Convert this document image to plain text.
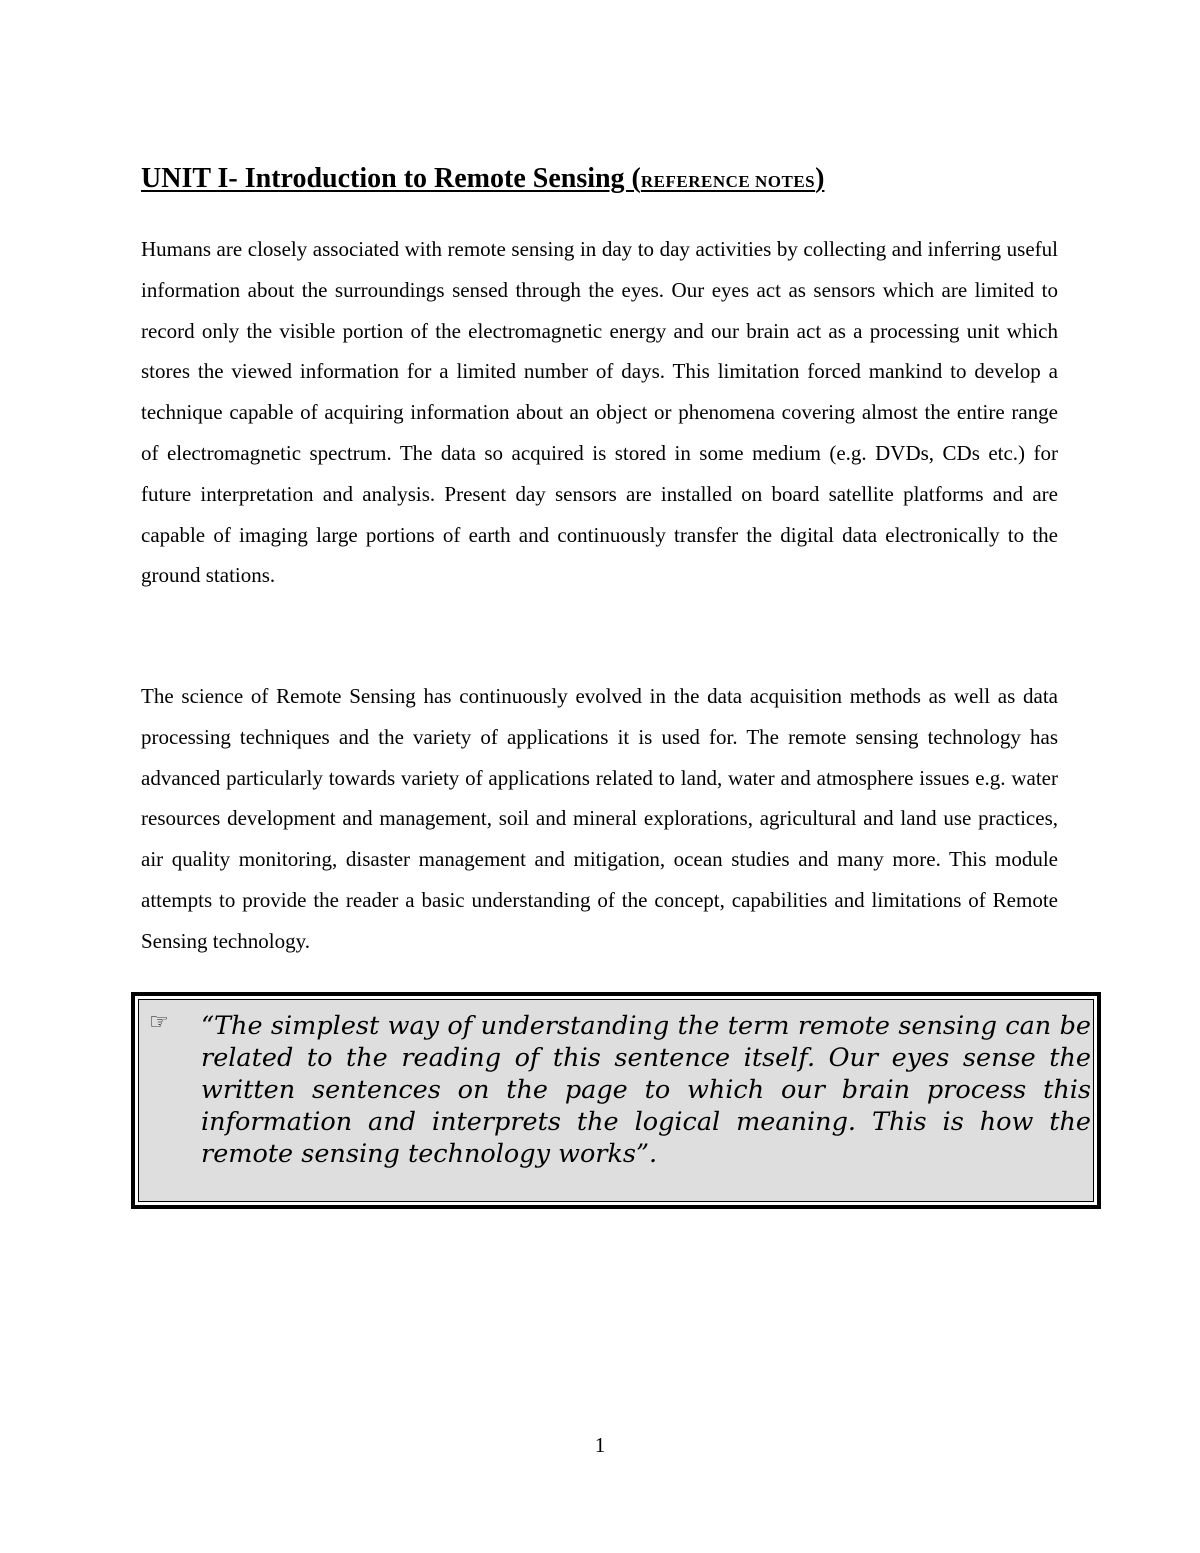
UNIT I- Introduction to Remote Sensing (REFERENCE NOTES)

Humans are closely associated with remote sensing in day to day activities by collecting and inferring useful information about the surroundings sensed through the eyes. Our eyes act as sensors which are limited to record only the visible portion of the electromagnetic energy and our brain act as a processing unit which stores the viewed information for a limited number of days. This limitation forced mankind to develop a technique capable of acquiring information about an object or phenomena covering almost the entire range of electromagnetic spectrum. The data so acquired is stored in some medium (e.g. DVDs, CDs etc.) for future interpretation and analysis. Present day sensors are installed on board satellite platforms and are capable of imaging large portions of earth and continuously transfer the digital data electronically to the ground stations.

The science of Remote Sensing has continuously evolved in the data acquisition methods as well as data processing techniques and the variety of applications it is used for. The remote sensing technology has advanced particularly towards variety of applications related to land, water and atmosphere issues e.g. water resources development and management, soil and mineral explorations, agricultural and land use practices, air quality monitoring, disaster management and mitigation, ocean studies and many more. This module attempts to provide the reader a basic understanding of the concept, capabilities and limitations of Remote Sensing technology.

☞ “The simplest way of understanding the term remote sensing can be related to the reading of this sentence itself. Our eyes sense the written sentences on the page to which our brain process this information and interprets the logical meaning. This is how the remote sensing technology works”.

1
